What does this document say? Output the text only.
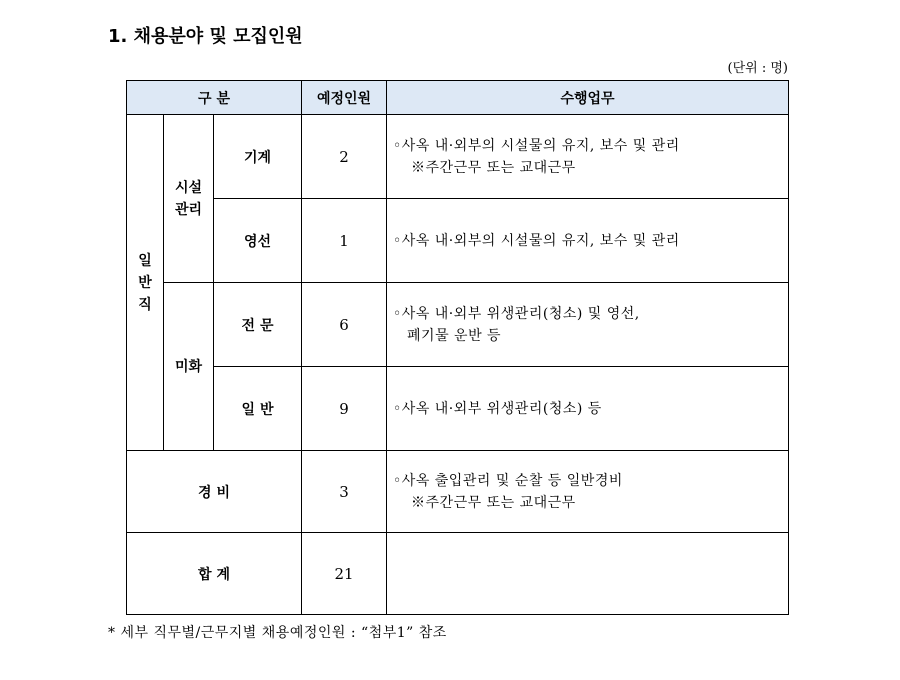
1. 채용분야 및 모집인원
(단위 : 명)
구 분			예정인원	수행업무
일반직	시설관리	기계	2	◦사옥 내·외부의 시설물의 유지, 보수 및 관리
※주간근무 또는 교대근무

		영선	1	◦사옥 내·외부의 시설물의 유지, 보수 및 관리
	미화	전 문	6	◦사옥 내·외부 위생관리(청소) 및 영선,
폐기물 운반 등

		일 반	9	◦사옥 내·외부 위생관리(청소) 등
경 비			3	◦사옥 출입관리 및 순찰 등 일반경비
※주간근무 또는 교대근무

합 계			21	
* 세부 직무별/근무지별 채용예정인원 : “첨부1” 참조
